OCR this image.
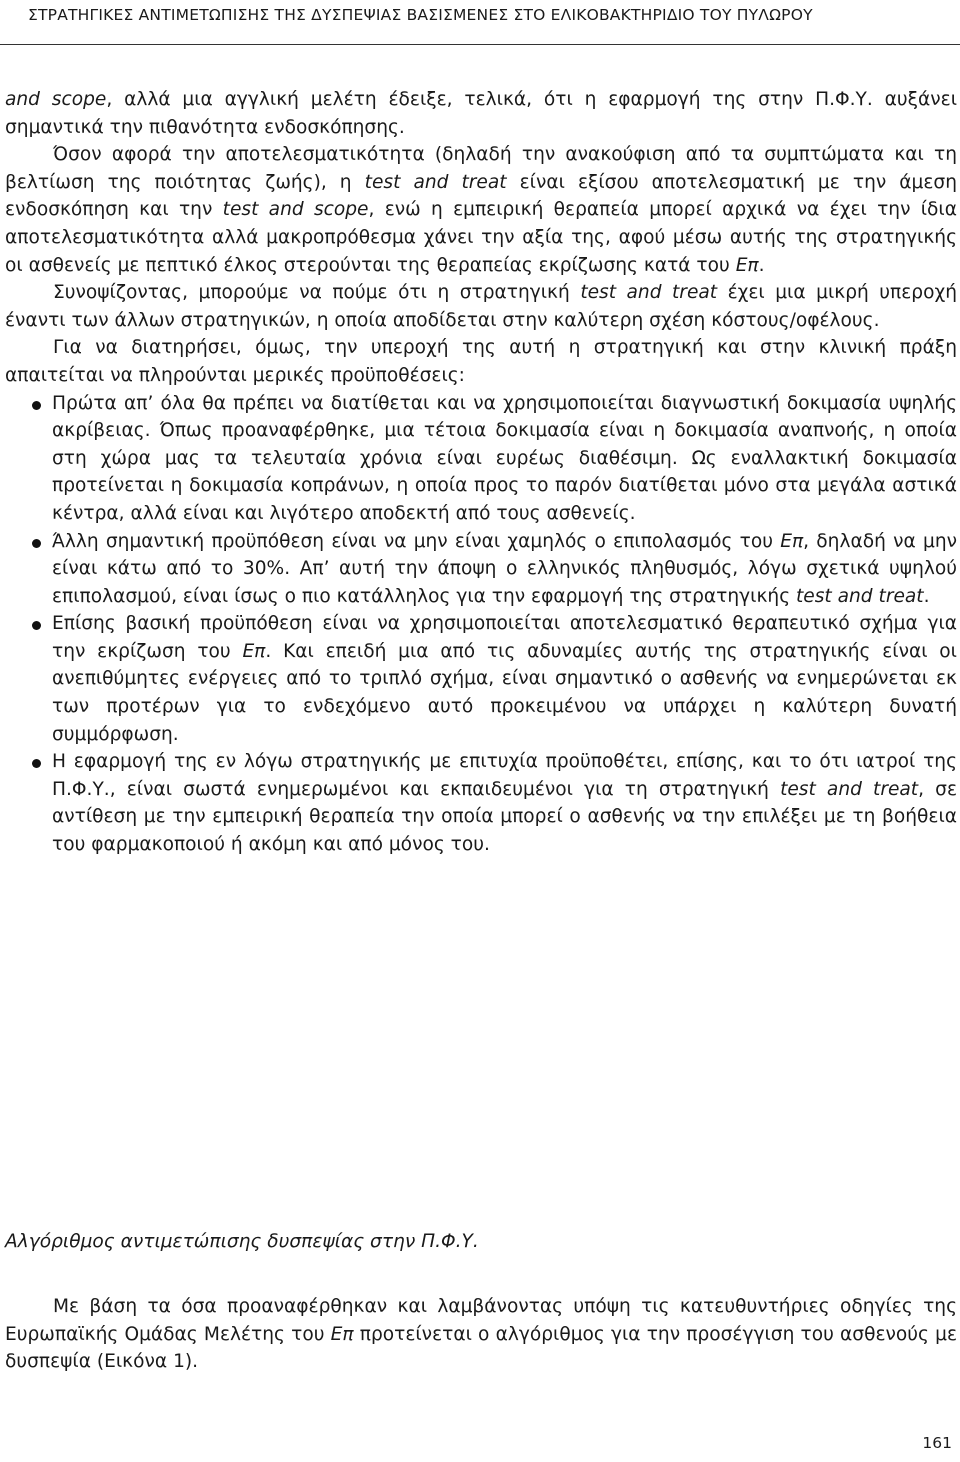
ΣΤΡΑΤΗΓΙΚΕΣ ΑΝΤΙΜΕΤΩΠΙΣΗΣ ΤΗΣ ΔΥΣΠΕΨΙΑΣ ΒΑΣΙΣΜΕΝΕΣ ΣΤΟ ΕΛΙΚΟΒΑΚΤΗΡΙΔΙΟ ΤΟΥ ΠΥΛΩΡΟΥ

and scope, αλλά μια αγγλική μελέτη έδειξε, τελικά, ότι η εφαρμογή της στην Π.Φ.Υ. αυξάνει σημαντικά την πιθανότητα ενδοσκόπησης.

Όσον αφορά την αποτελεσματικότητα (δηλαδή την ανακούφιση από τα συμπτώματα και τη βελτίωση της ποιότητας ζωής), η test and treat είναι εξίσου αποτελεσματική με την άμεση ενδοσκόπηση και την test and scope, ενώ η εμπειρική θεραπεία μπορεί αρχικά να έχει την ίδια αποτελεσματικότητα αλλά μακροπρόθεσμα χάνει την αξία της, αφού μέσω αυτής της στρατηγικής οι ασθενείς με πεπτικό έλκος στερούνται της θεραπείας εκρίζωσης κατά του Επ.

Συνοψίζοντας, μπορούμε να πούμε ότι η στρατηγική test and treat έχει μια μικρή υπεροχή έναντι των άλλων στρατηγικών, η οποία αποδίδεται στην καλύτερη σχέση κόστους/οφέλους.

Για να διατηρήσει, όμως, την υπεροχή της αυτή η στρατηγική και στην κλινική πράξη απαιτείται να πληρούνται μερικές προϋποθέσεις:

Πρώτα απ’ όλα θα πρέπει να διατίθεται και να χρησιμοποιείται διαγνωστική δοκιμασία υψηλής ακρίβειας. Όπως προαναφέρθηκε, μια τέτοια δοκιμασία είναι η δοκιμασία αναπνοής, η οποία στη χώρα μας τα τελευταία χρόνια είναι ευρέως διαθέσιμη. Ως εναλλακτική δοκιμασία προτείνεται η δοκιμασία κοπράνων, η οποία προς το παρόν διατίθεται μόνο στα μεγάλα αστικά κέντρα, αλλά είναι και λιγότερο αποδεκτή από τους ασθενείς.
Άλλη σημαντική προϋπόθεση είναι να μην είναι χαμηλός ο επιπολασμός του Επ, δηλαδή να μην είναι κάτω από το 30%. Απ’ αυτή την άποψη ο ελληνικός πληθυσμός, λόγω σχετικά υψηλού επιπολασμού, είναι ίσως ο πιο κατάλληλος για την εφαρμογή της στρατηγικής test and treat.
Επίσης βασική προϋπόθεση είναι να χρησιμοποιείται αποτελεσματικό θεραπευτικό σχήμα για την εκρίζωση του Επ. Και επειδή μια από τις αδυναμίες αυτής της στρατηγικής είναι οι ανεπιθύμητες ενέργειες από το τριπλό σχήμα, είναι σημαντικό ο ασθενής να ενημερώνεται εκ των προτέρων για το ενδεχόμενο αυτό προκειμένου να υπάρχει η καλύτερη δυνατή συμμόρφωση.
Η εφαρμογή της εν λόγω στρατηγικής με επιτυχία προϋποθέτει, επίσης, και το ότι ιατροί της Π.Φ.Υ., είναι σωστά ενημερωμένοι και εκπαιδευμένοι για τη στρατηγική test and treat, σε αντίθεση με την εμπειρική θεραπεία την οποία μπορεί ο ασθενής να την επιλέξει με τη βοήθεια του φαρμακοποιού ή ακόμη και από μόνος του.
Αλγόριθμος αντιμετώπισης δυσπεψίας στην Π.Φ.Υ.

Με βάση τα όσα προαναφέρθηκαν και λαμβάνοντας υπόψη τις κατευθυντήριες οδηγίες της Ευρωπαϊκής Ομάδας Μελέτης του Επ προτείνεται ο αλγόριθμος για την προσέγγιση του ασθενούς με δυσπεψία (Εικόνα 1).

161
